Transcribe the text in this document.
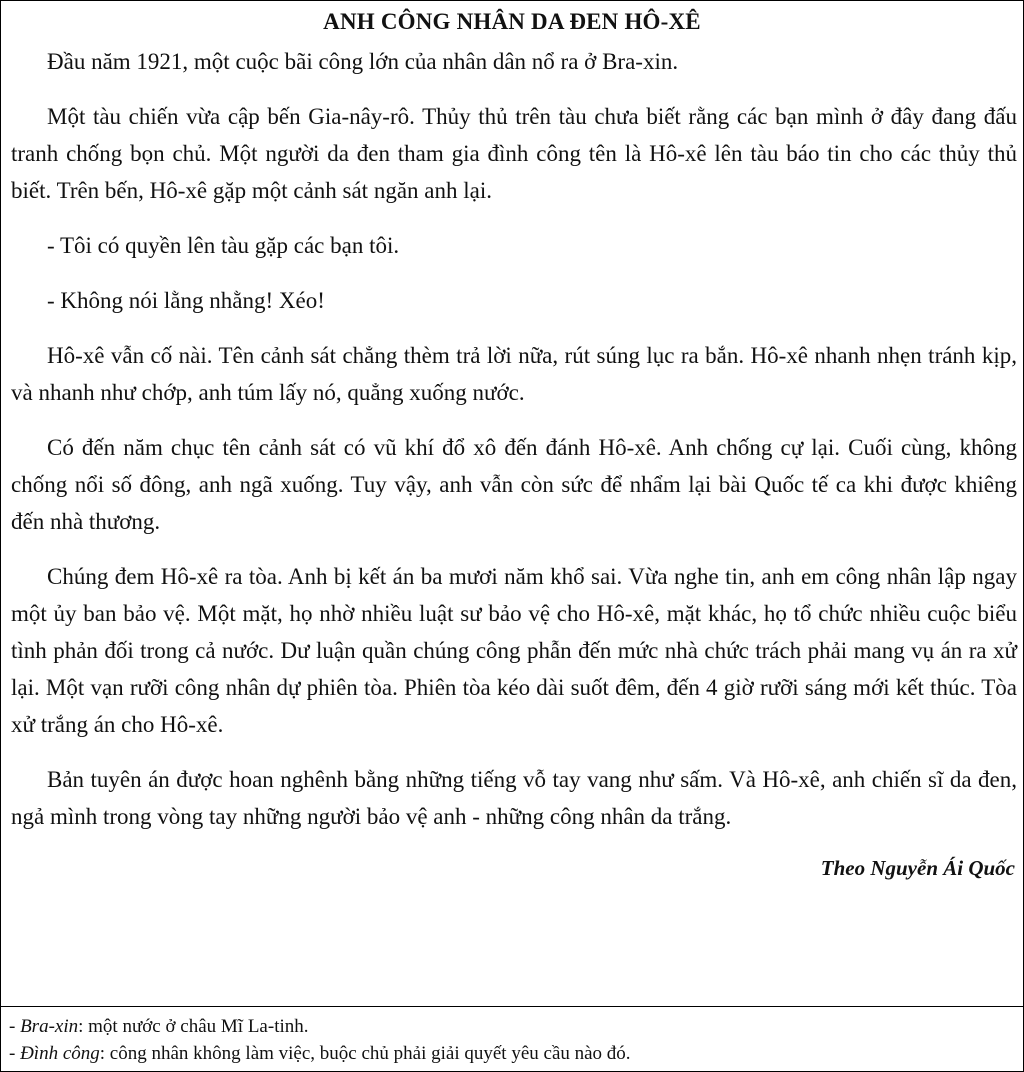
ANH CÔNG NHÂN DA ĐEN HÔ-XÊ

Đầu năm 1921, một cuộc bãi công lớn của nhân dân nổ ra ở Bra-xin.

Một tàu chiến vừa cập bến Gia-nây-rô. Thủy thủ trên tàu chưa biết rằng các bạn mình ở đây đang đấu tranh chống bọn chủ. Một người da đen tham gia đình công tên là Hô-xê lên tàu báo tin cho các thủy thủ biết. Trên bến, Hô-xê gặp một cảnh sát ngăn anh lại.

- Tôi có quyền lên tàu gặp các bạn tôi.

- Không nói lằng nhằng! Xéo!

Hô-xê vẫn cố nài. Tên cảnh sát chẳng thèm trả lời nữa, rút súng lục ra bắn. Hô-xê nhanh nhẹn tránh kịp, và nhanh như chớp, anh túm lấy nó, quẳng xuống nước.

Có đến năm chục tên cảnh sát có vũ khí đổ xô đến đánh Hô-xê. Anh chống cự lại. Cuối cùng, không chống nổi số đông, anh ngã xuống. Tuy vậy, anh vẫn còn sức để nhẩm lại bài Quốc tế ca khi được khiêng đến nhà thương.

Chúng đem Hô-xê ra tòa. Anh bị kết án ba mươi năm khổ sai. Vừa nghe tin, anh em công nhân lập ngay một ủy ban bảo vệ. Một mặt, họ nhờ nhiều luật sư bảo vệ cho Hô-xê, mặt khác, họ tổ chức nhiều cuộc biểu tình phản đối trong cả nước. Dư luận quần chúng công phẫn đến mức nhà chức trách phải mang vụ án ra xử lại. Một vạn rưỡi công nhân dự phiên tòa. Phiên tòa kéo dài suốt đêm, đến 4 giờ rưỡi sáng mới kết thúc. Tòa xử trắng án cho Hô-xê.

Bản tuyên án được hoan nghênh bằng những tiếng vỗ tay vang như sấm. Và Hô-xê, anh chiến sĩ da đen, ngả mình trong vòng tay những người bảo vệ anh - những công nhân da trắng.

Theo Nguyễn Ái Quốc
- Bra-xin: một nước ở châu Mĩ La-tinh.
- Đình công: công nhân không làm việc, buộc chủ phải giải quyết yêu cầu nào đó.
